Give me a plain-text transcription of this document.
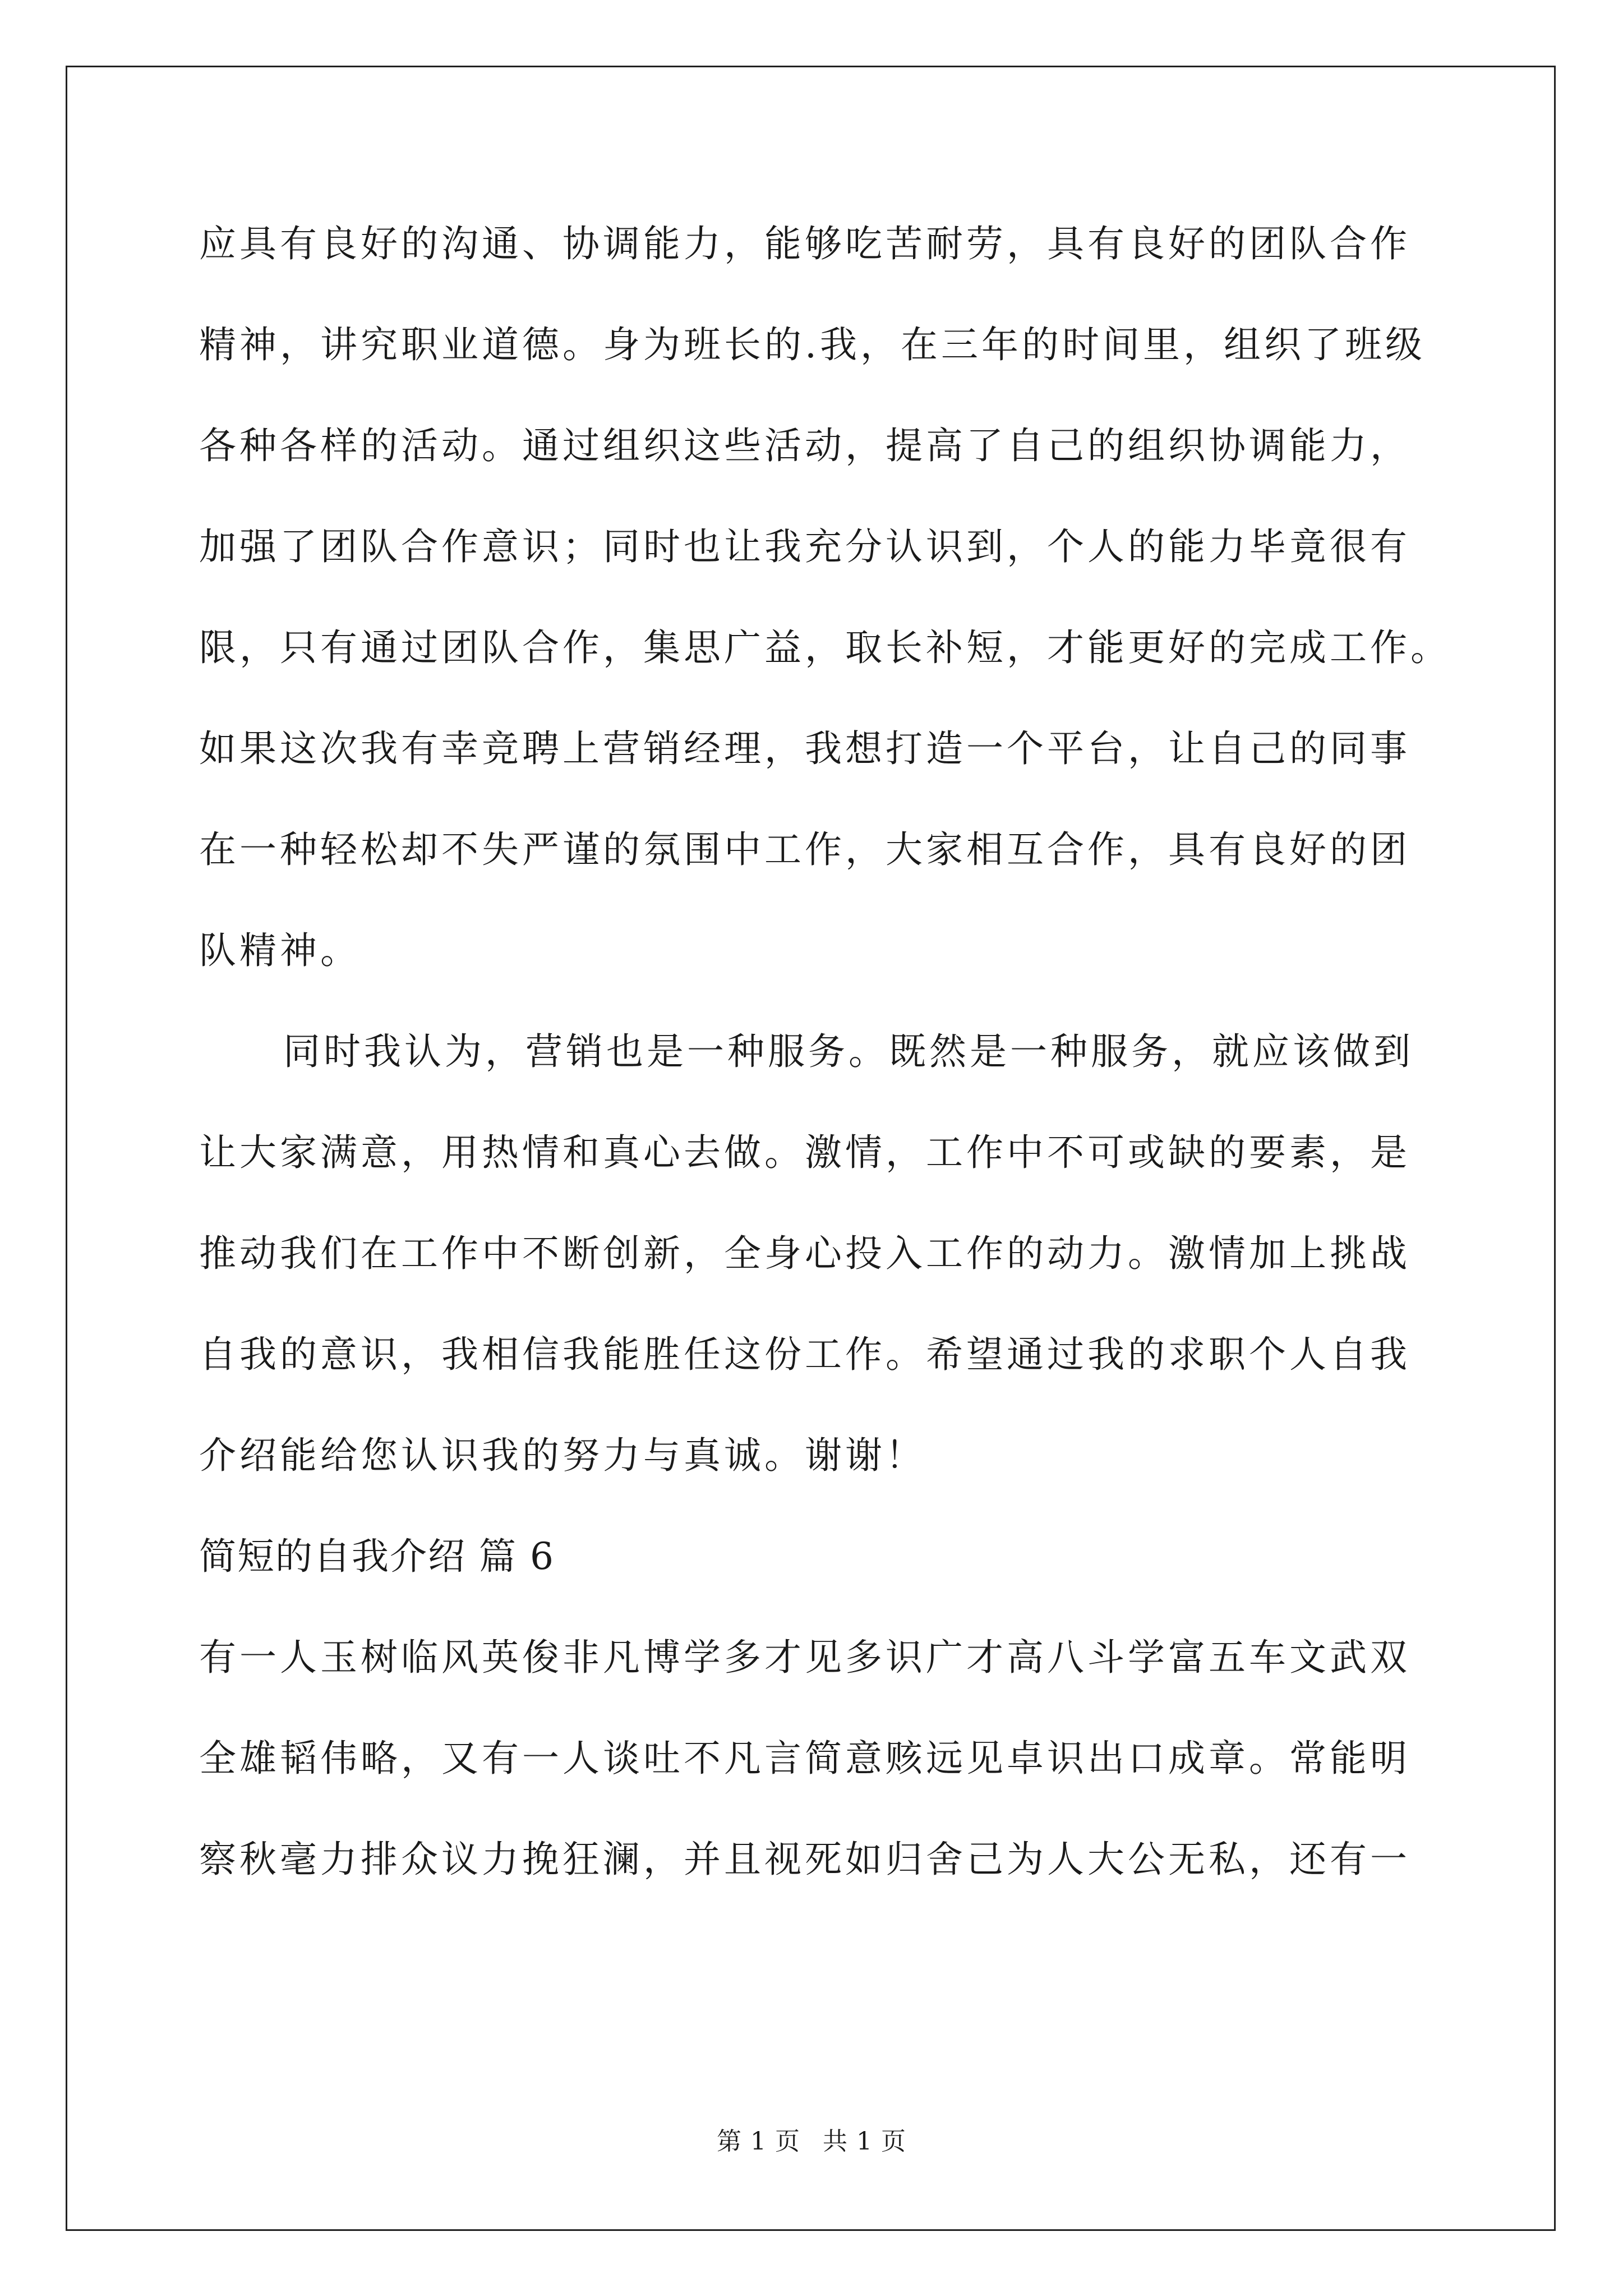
应具有良好的沟通、协调能力，能够吃苦耐劳，具有良好的团队合作
精神，讲究职业道德。身为班长的.我，在三年的时间里，组织了班级
各种各样的活动。通过组织这些活动，提高了自己的组织协调能力，
加强了团队合作意识；同时也让我充分认识到，个人的能力毕竟很有
限，只有通过团队合作，集思广益，取长补短，才能更好的完成工作。
如果这次我有幸竞聘上营销经理，我想打造一个平台，让自己的同事
在一种轻松却不失严谨的氛围中工作，大家相互合作，具有良好的团
队精神。
同时我认为，营销也是一种服务。既然是一种服务，就应该做到
让大家满意，用热情和真心去做。激情，工作中不可或缺的要素，是
推动我们在工作中不断创新，全身心投入工作的动力。激情加上挑战
自我的意识，我相信我能胜任这份工作。希望通过我的求职个人自我
介绍能给您认识我的努力与真诚。谢谢！
简短的自我介绍 篇 6
有一人玉树临风英俊非凡博学多才见多识广才高八斗学富五车文武双
全雄韬伟略，又有一人谈吐不凡言简意赅远见卓识出口成章。常能明
察秋毫力排众议力挽狂澜，并且视死如归舍己为人大公无私，还有一
第 1 页 共 1 页
